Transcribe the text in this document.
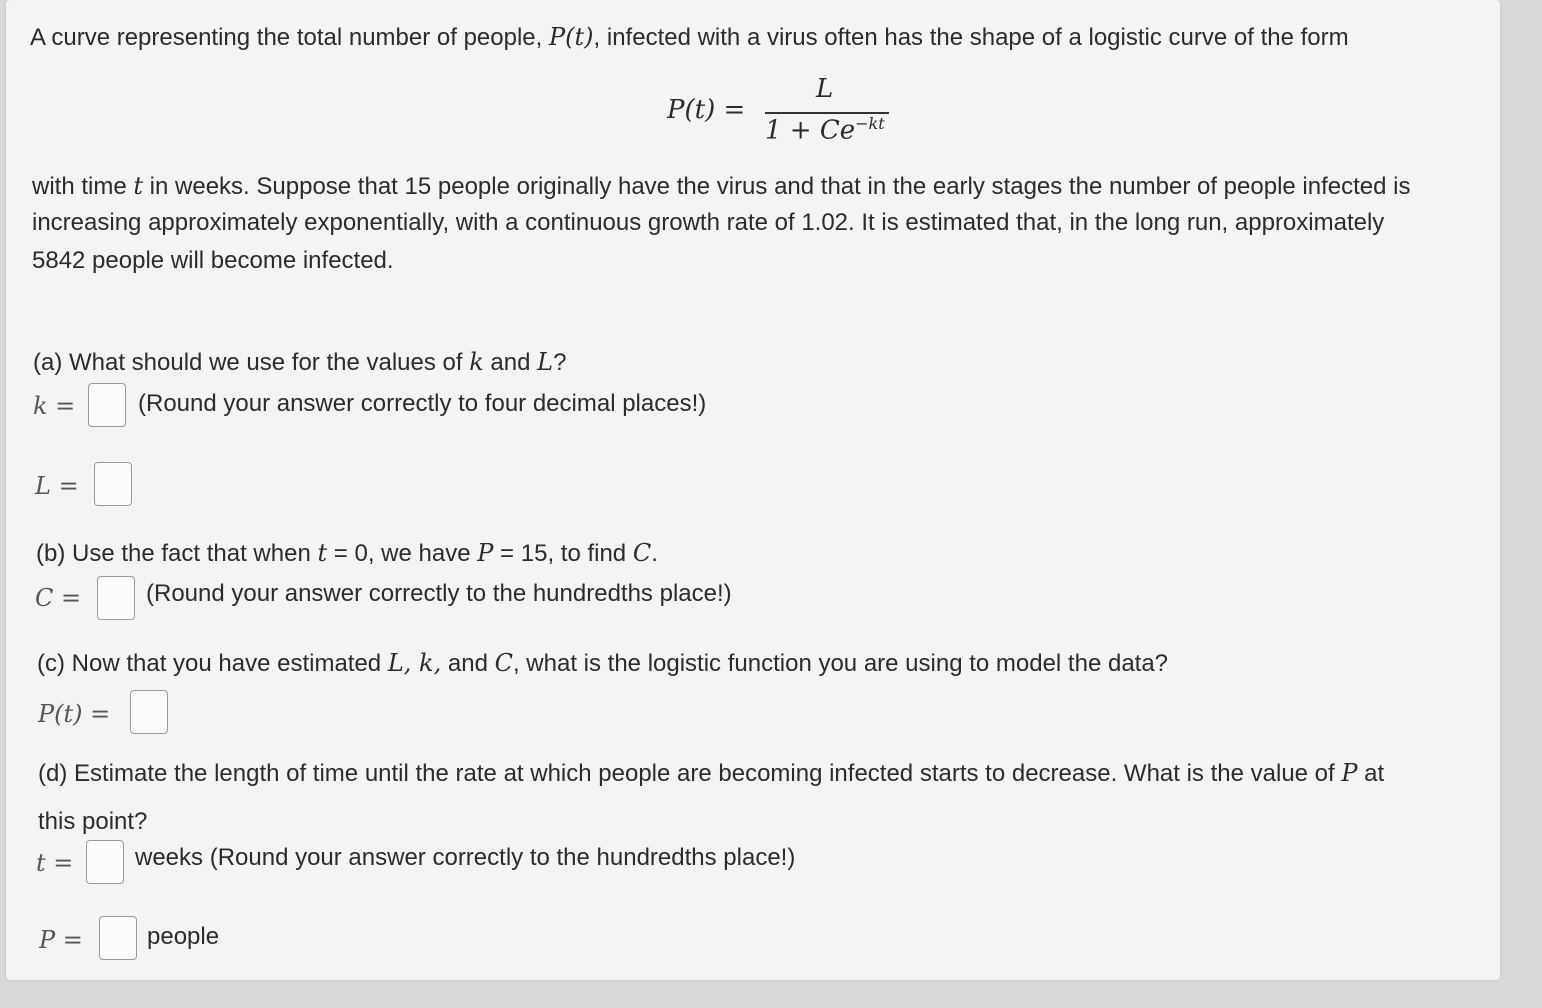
A curve representing the total number of people, P(t), infected with a virus often has the shape of a logistic curve of the form
P(t) =
L
$1 + Ce^{-kt}$
with time t in weeks. Suppose that 15 people originally have the virus and that in the early stages the number of people infected is
increasing approximately exponentially, with a continuous growth rate of 1.02. It is estimated that, in the long run, approximately
5842 people will become infected.
(a) What should we use for the values of k and L?
k =	(Round your answer correctly to four decimal places!)
L =
(b) Use the fact that when t = 0, we have P = 15, to find C.
C =	(Round your answer correctly to the hundredths place!)
(c) Now that you have estimated L, k, and C, what is the logistic function you are using to model the data?
P(t) =
(d) Estimate the length of time until the rate at which people are becoming infected starts to decrease. What is the value of P at
this point?
t =	weeks (Round your answer correctly to the hundredths place!)
P =	people
